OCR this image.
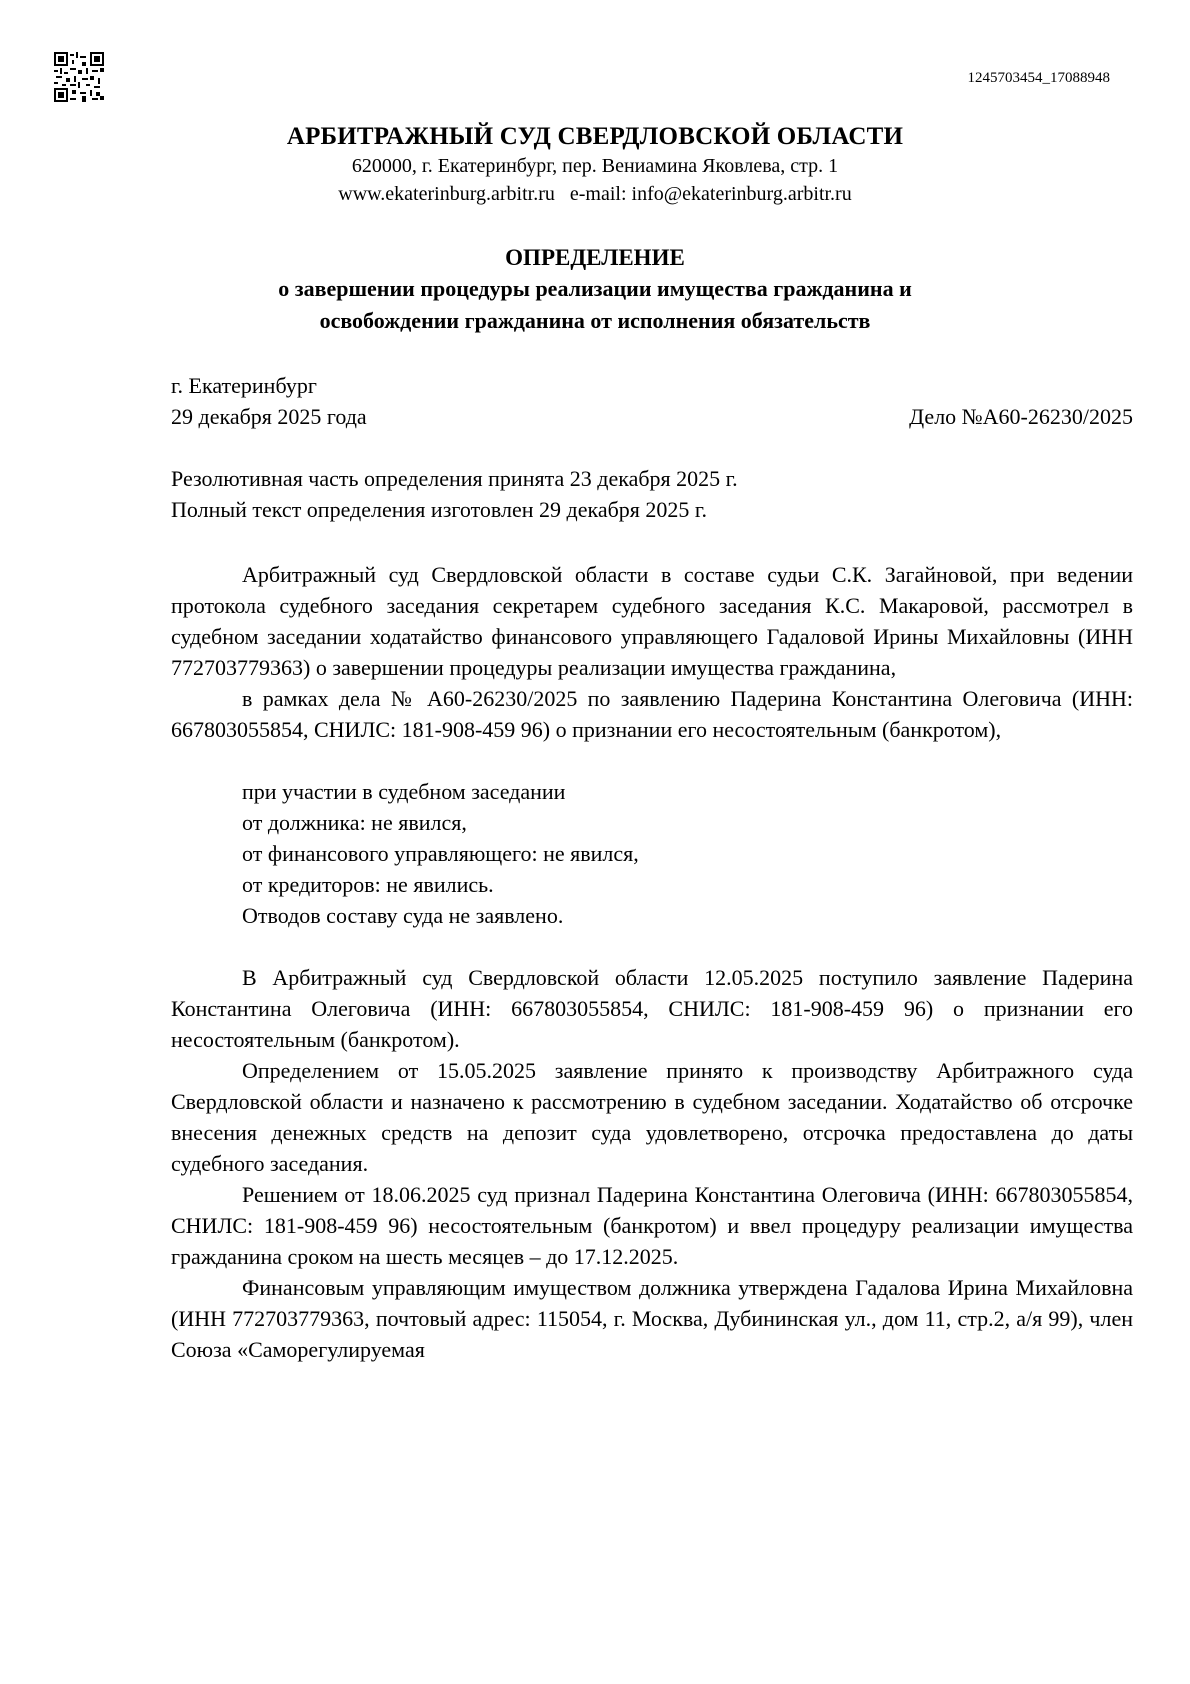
1245703454_17088948
АРБИТРАЖНЫЙ СУД СВЕРДЛОВСКОЙ ОБЛАСТИ
620000, г. Екатеринбург, пер. Вениамина Яковлева, стр. 1
www.ekaterinburg.arbitr.ru   e-mail: info@ekaterinburg.arbitr.ru
ОПРЕДЕЛЕНИЕ
о завершении процедуры реализации имущества гражданина и
освобождении гражданина от исполнения обязательств
г. Екатеринбург
29 декабря 2025 года	Дело №А60-26230/2025
Резолютивная часть определения принята 23 декабря 2025 г.
Полный текст определения изготовлен 29 декабря 2025 г.

Арбитражный суд Свердловской области в составе судьи С.К. Загайновой, при ведении протокола судебного заседания секретарем судебного заседания К.С. Макаровой, рассмотрел в судебном заседании ходатайство финансового управляющего Гадаловой Ирины Михайловны (ИНН 772703779363) о завершении процедуры реализации имущества гражданина,

в рамках дела № А60-26230/2025 по заявлению Падерина Константина Олеговича (ИНН: 667803055854, СНИЛС: 181-908-459 96) о признании его несостоятельным (банкротом),

при участии в судебном заседании
от должника: не явился,
от финансового управляющего: не явился,
от кредиторов: не явились.
Отводов составу суда не заявлено.

В Арбитражный суд Свердловской области 12.05.2025 поступило заявление Падерина Константина Олеговича (ИНН: 667803055854, СНИЛС: 181-908-459 96) о признании его несостоятельным (банкротом).

Определением от 15.05.2025 заявление принято к производству Арбитражного суда Свердловской области и назначено к рассмотрению в судебном заседании. Ходатайство об отсрочке внесения денежных средств на депозит суда удовлетворено, отсрочка предоставлена до даты судебного заседания.

Решением от 18.06.2025 суд признал Падерина Константина Олеговича (ИНН: 667803055854, СНИЛС: 181-908-459 96) несостоятельным (банкротом) и ввел процедуру реализации имущества гражданина сроком на шесть месяцев – до 17.12.2025.

Финансовым управляющим имуществом должника утверждена Гадалова Ирина Михайловна (ИНН 772703779363, почтовый адрес: 115054, г. Москва, Дубининская ул., дом 11, стр.2, а/я 99), член Союза «Саморегулируемая
